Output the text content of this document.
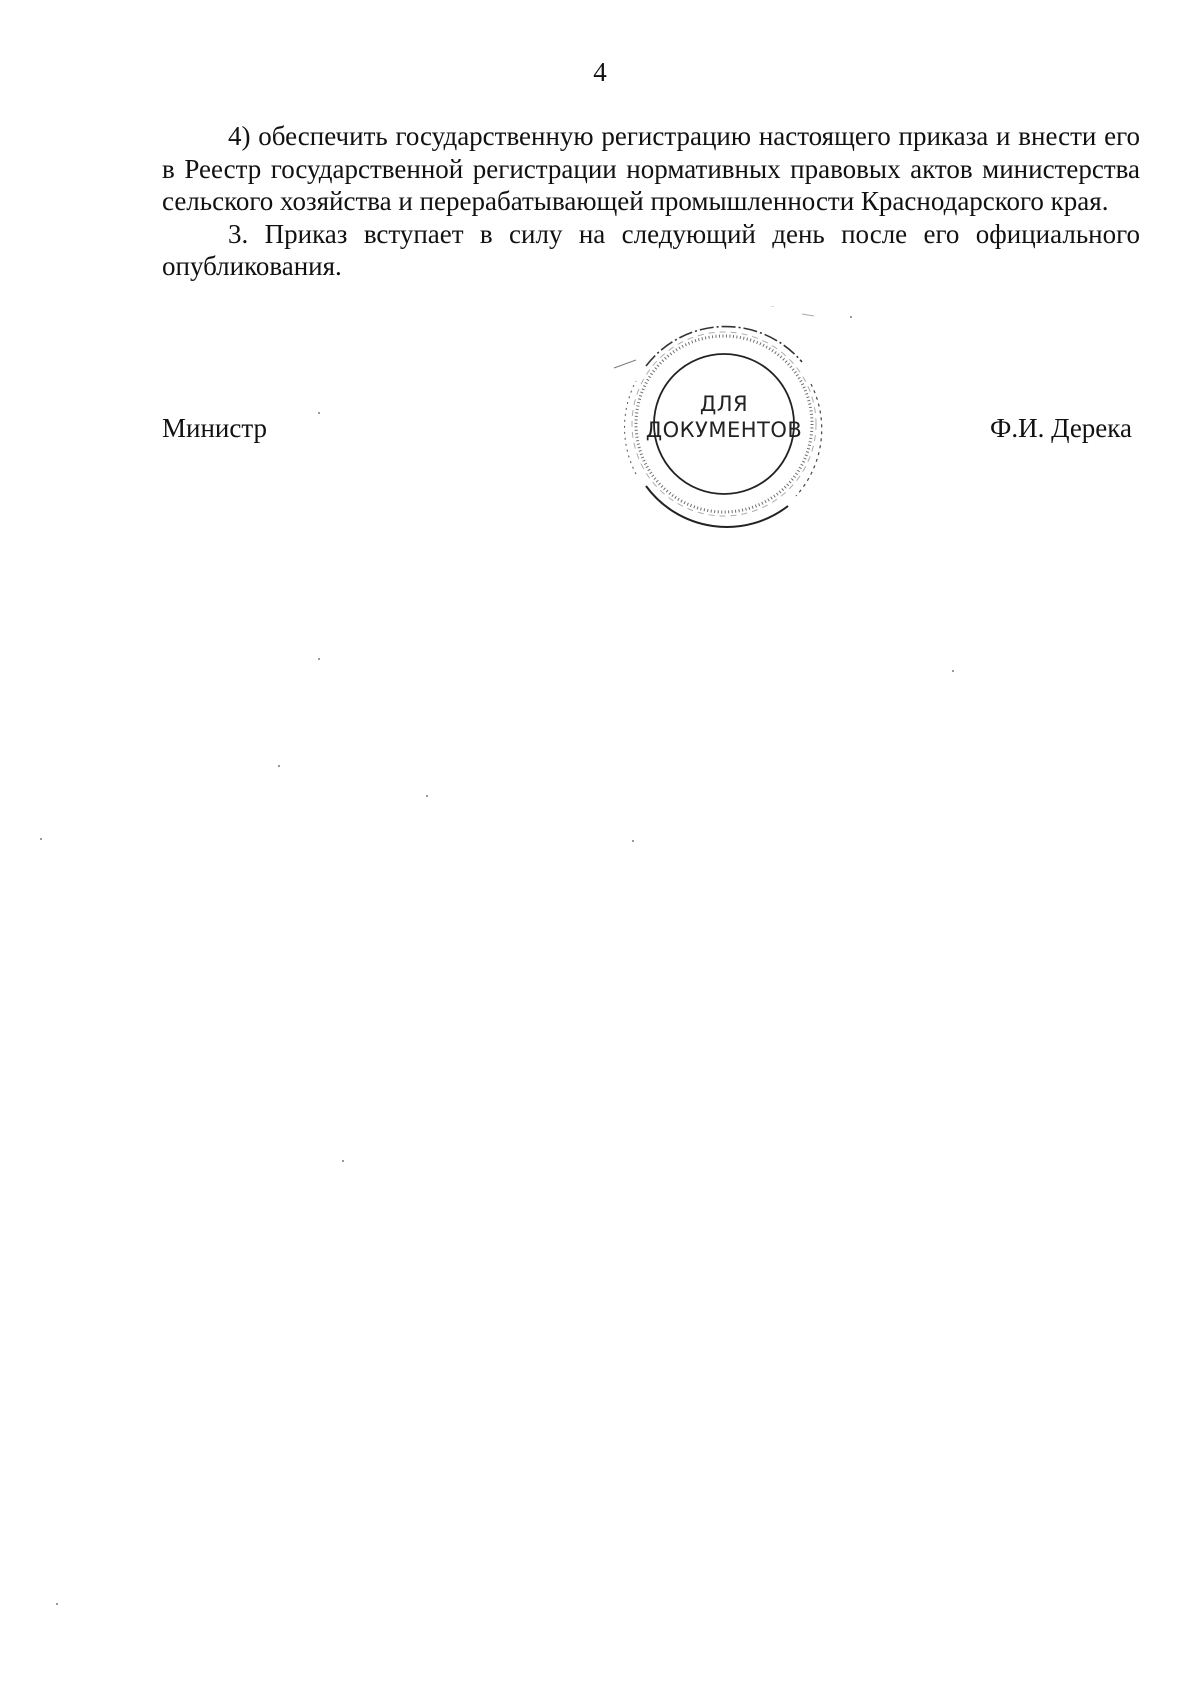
4

4) обеспечить государственную регистрацию настоящего приказа и внести его в Реестр государственной регистрации нормативных правовых актов министерства сельского хозяйства и перерабатывающей промышленности Краснодарского края.

3. Приказ вступает в силу на следующий день после его официального опубликования.

Министр	Ф.И. Дерека
ДЛЯ
ДОКУМЕНТОВ
